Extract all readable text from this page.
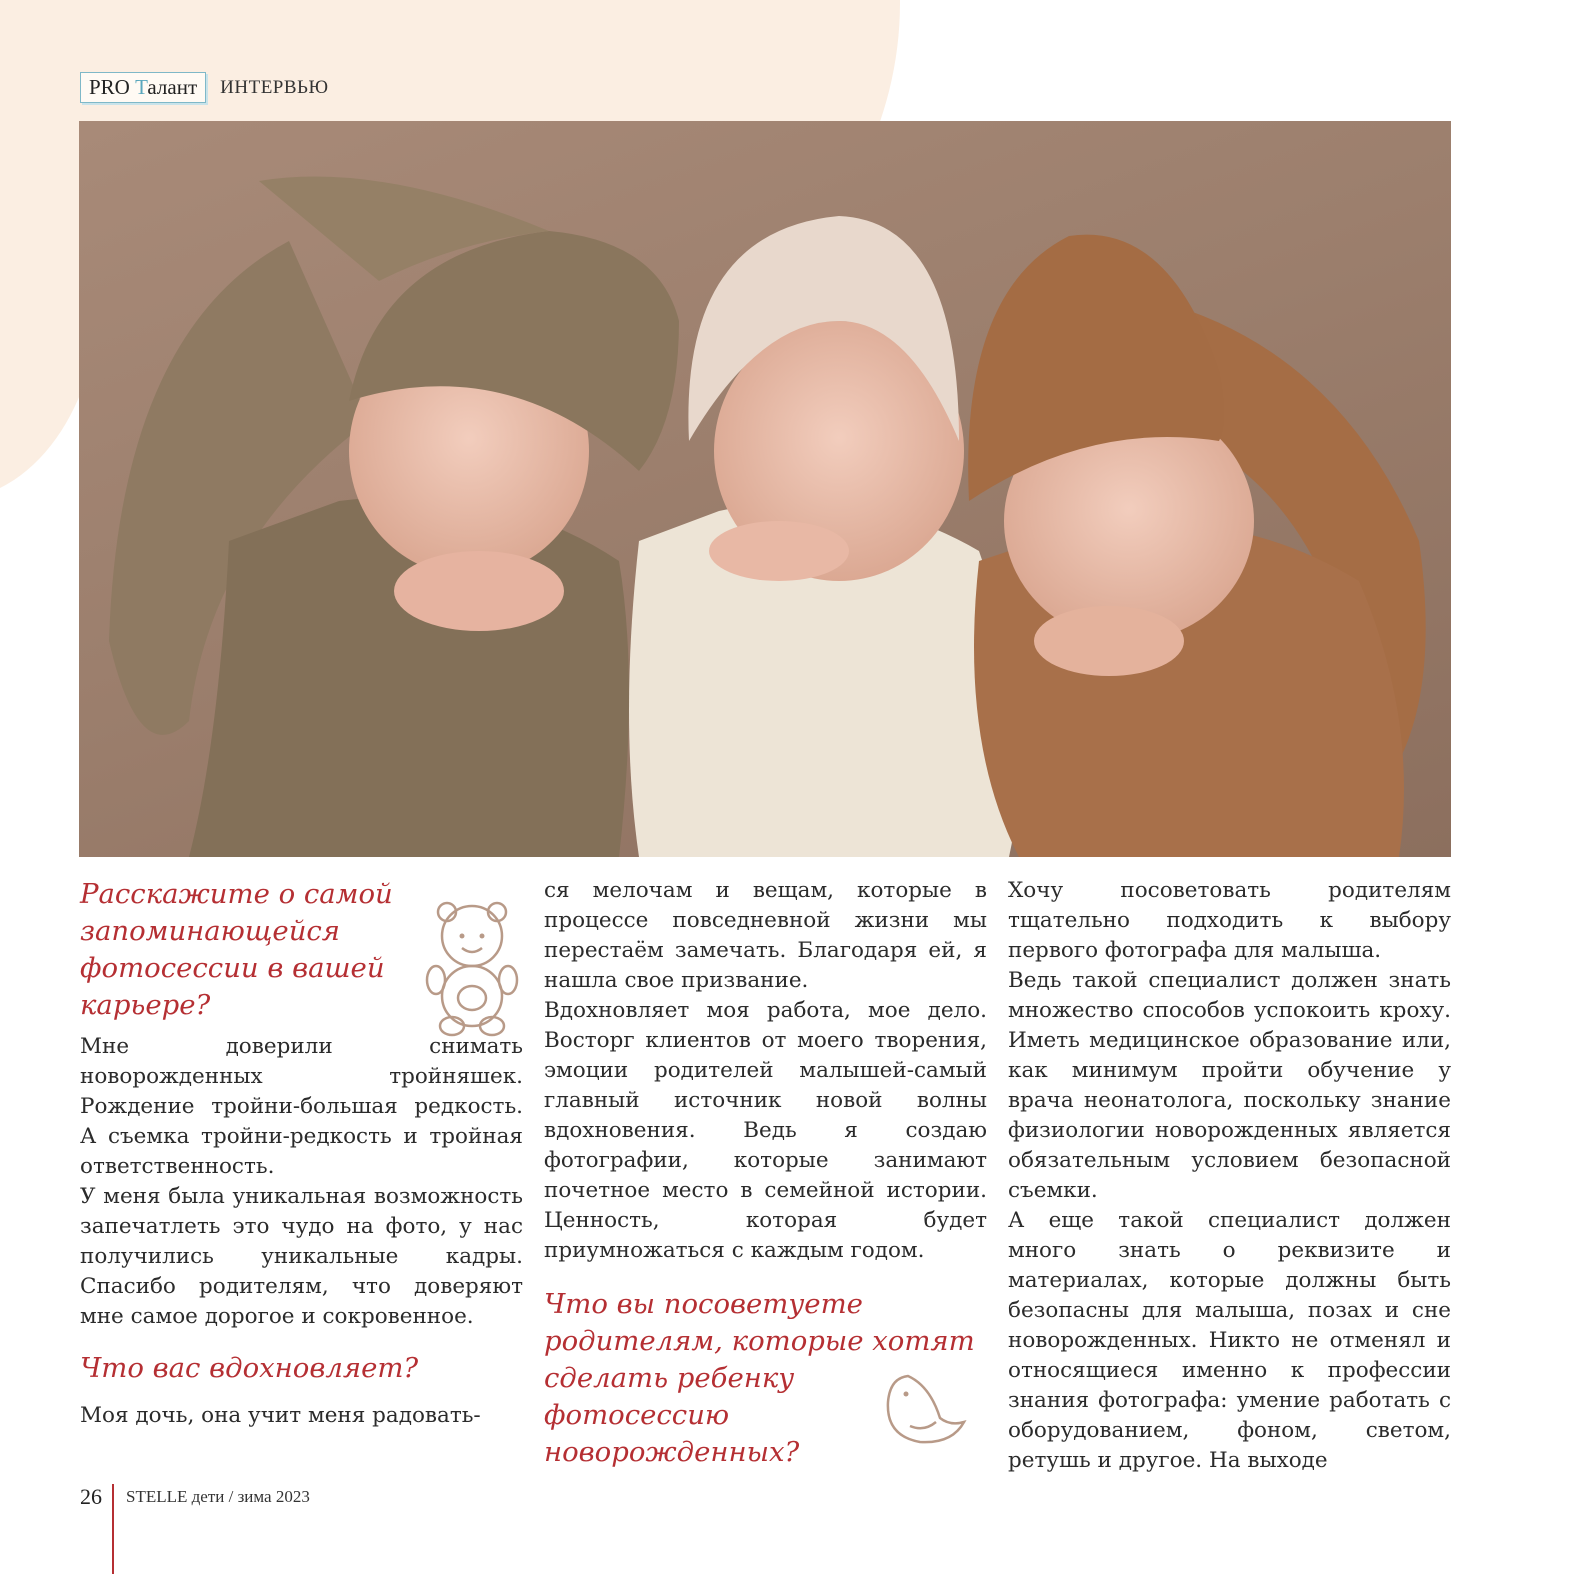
PRO Талант	ИНТЕРВЬЮ

Расскажите о самой запоминающейся фотосессии в вашей карьере?

Мне доверили снимать новорожденных тройняшек. Рождение тройни-большая редкость. А съемка тройни-редкость и тройная ответственность.

У меня была уникальная возможность запечатлеть это чудо на фото, у нас получились уникальные кадры. Спасибо родителям, что доверяют мне самое дорогое и сокровенное.

Что вас вдохновляет?

Моя дочь, она учит меня радовать-

ся мелочам и вещам, которые в процессе повседневной жизни мы перестаём замечать. Благодаря ей, я нашла свое призвание.

Вдохновляет моя работа, мое дело. Восторг клиентов от моего творения, эмоции родителей малышей-самый главный источник новой волны вдохновения. Ведь я создаю фотографии, которые занимают почетное место в семейной истории. Ценность, которая будет приумножаться с каждым годом.

Что вы посоветуете родителям, которые хотят сделать ребенку фотосессию новорожденных?

Хочу посоветовать родителям тщательно подходить к выбору первого фотографа для малыша.

Ведь такой специалист должен знать множество способов успокоить кроху. Иметь медицинское образование или, как минимум пройти обучение у врача неонатолога, поскольку знание физиологии новорожденных является обязательным условием безопасной съемки.

А еще такой специалист должен много знать о реквизите и материалах, которые должны быть безопасны для малыша, позах и сне новорожденных. Никто не отменял и относящиеся именно к профессии знания фотографа: умение работать с оборудованием, фоном, светом, ретушь и другое. На выходе

26	STELLE дети / зима 2023
